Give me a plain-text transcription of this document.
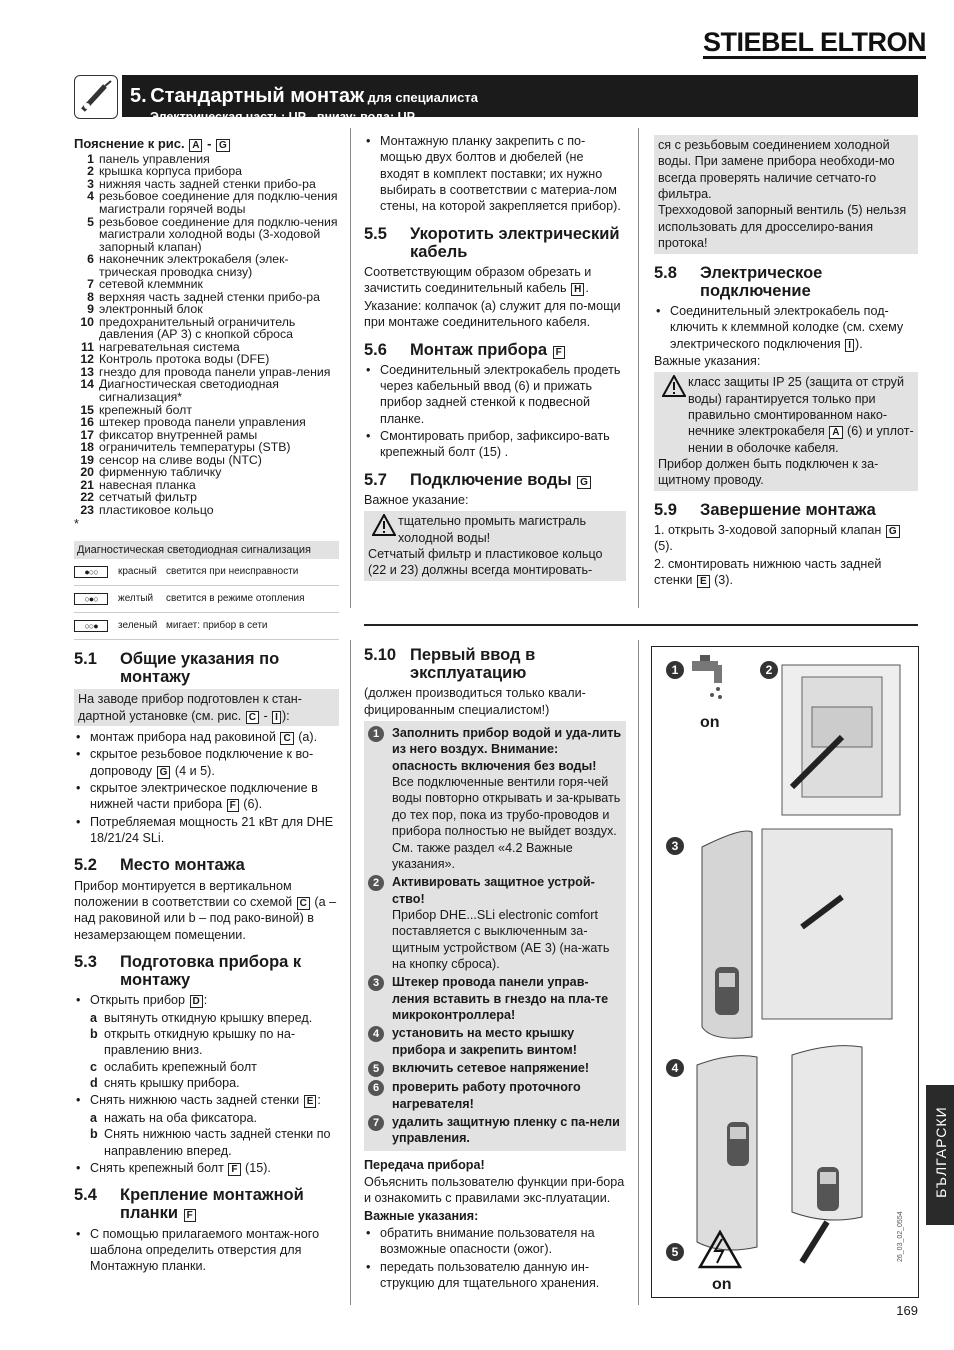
STIEBEL ELTRON
5. Стандартный монтаж для специалиста
Электрическая часть: UP - внизу; вода: UP
Пояснение к рис. A - G
1 панель управления
2 крышка корпуса прибора
3 нижняя часть задней стенки прибо-ра
4 резьбовое соединение для подклю-чения магистрали горячей воды
5 резьбовое соединение для подклю-чения магистрали холодной воды (3-ходовой запорный клапан)
6 наконечник электрокабеля (элек-трическая проводка снизу)
7 сетевой клеммник
8 верхняя часть задней стенки прибо-ра
9 электронный блок
10 предохранительный ограничитель давления (АР 3) с кнопкой сброса
11 нагревательная система
12 Контроль протока воды (DFE)
13 гнездо для провода панели управ-ления
14 Диагностическая светодиодная сигнализация*
15 крепежный болт
16 штекер провода панели управления
17 фиксатор внутренней рамы
18 ограничитель температуры (STB)
19 сенсор на сливе воды (NTC)
20 фирменную табличку
21 навесная планка
22 сетчатый фильтр
23 пластиковое кольцо
*
Диагностическая светодиодная сигнализация
●○○	красный светится при неисправности
○●○	желтый	светится в режиме отопления
○○●	зеленый мигает: прибор в сети
5.1	Общие указания по монтажу
На заводе прибор подготовлен к стан-дартной установке (см. рис. C - I ):
• монтаж прибора над раковиной C (a).
• скрытое резьбовое подключение к во-допроводу G (4 и 5).
• скрытое электрическое подключение в нижней части прибора F (6).
• Потребляемая мощность 21 кВт для DHE 18/21/24 SLi.
5.2	Место монтажа

Прибор монтируется в вертикальном положении в соответствии со схемой C (a – над раковиной или b – под рако-виной) в незамерзающем помещении.

5.3	Подготовка прибора к монтажу
• Открыть прибор D :
a вытянуть откидную крышку вперед.
b открыть откидную крышку по на-правлению вниз.
c ослабить крепежный болт
d снять крышку прибора.
• Снять нижнюю часть задней стенки E :
a нажать на оба фиксатора.
b Снять нижнюю часть задней стенки по направлению вперед.
• Снять крепежный болт F (15).
5.4	Крепление монтажной планки F
• С помощью прилагаемого монтаж-ного шаблона определить отверстия для Монтажную планки.
• Монтажную планку закрепить с по-мощью двух болтов и дюбелей (не входят в комплект поставки; их нужно выбирать в соответствии с материа-лом стены, на которой закрепляется прибор).
5.5	Укоротить электрический кабель

Соответствующим образом обрезать и зачистить соединительный кабель H .

Указание: колпачок (a) служит для по-мощи при монтаже соединительного кабеля.

5.6	Монтаж прибора F
• Соединительный электрокабель продеть через кабельный ввод (6) и прижать прибор задней стенкой к подвесной планке.
• Смонтировать прибор, зафиксиро-вать крепежный болт (15) .
5.7	Подключение воды G

Важное указание:

тщательно промыть магистраль холодной воды!
Сетчатый фильтр и пластиковое кольцо (22 и 23) должны всегда монтировать-
ся с резьбовым соединением холодной воды. При замене прибора необходи-мо всегда проверять наличие сетчато-го фильтра.
Трехходовой запорный вентиль (5) нельзя использовать для дросселиро-вания протока!
5.8	Электрическое подключение
• Соединительный электрокабель под-ключить к клеммной колодке (см. схему электрического подключения I ).

Важные указания:

класс защиты IP 25 (защита от струй воды) гарантируется только при правильно смонтированном нако-нечнике электрокабеля A (6) и уплот-нении в оболочке кабеля.
Прибор должен быть подключен к за-щитному проводу.
5.9	Завершение монтажа

1. открыть 3-ходовой запорный клапан G (5).

2. смонтировать нижнюю часть задней стенки E (3).

5.10 Первый ввод в эксплуатацию

(должен производиться только квали-фицированным специалистом!)

1	Заполнить прибор водой и уда-лить из него воздух. Внимание: опасность включения без воды!
Все подключенные вентили горя-чей воды повторно открывать и за-крывать до тех пор, пока из трубо-проводов и прибора полностью не выйдет воздух. См. также раздел «4.2 Важные указания».
2	Активировать защитное устрой-ство!
Прибор DHE...SLi electronic comfort поставляется с выключенным за-щитным устройством (АЕ 3) (на-жать на кнопку сброса).
3	Штекер провода панели управ-ления вставить в гнездо на пла-те микроконтроллера!
4	установить на место крышку прибора и закрепить винтом!
5	включить сетевое напряжение!
6	проверить работу проточного нагревателя!
7	удалить защитную пленку с па-нели управления.

Передача прибора!

Объяснить пользователю функции при-бора и ознакомить с правилами экс-плуатации.

Важные указания:

• обратить внимание пользователя на возможные опасности (ожог).
• передать пользователю данную ин-струкцию для тщательного хранения.
1	2
3
4
5
on
on
26_03_02_0554
БЪЛГАРСКИ
169
